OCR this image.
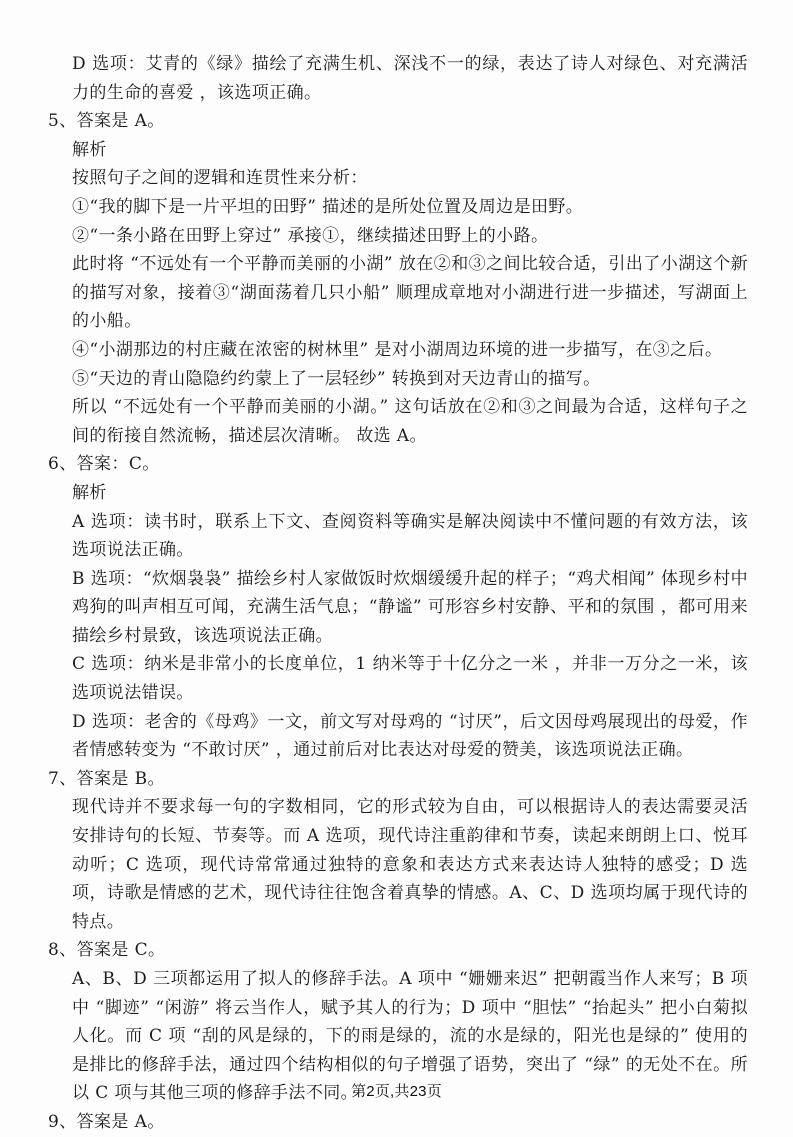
D 选项：艾青的《绿》描绘了充满生机、深浅不一的绿，表达了诗人对绿色、对充满活力的生命的喜爱 ，该选项正确。

5、答案是 A。

解析

按照句子之间的逻辑和连贯性来分析：

①“我的脚下是一片平坦的田野” 描述的是所处位置及周边是田野。

②“一条小路在田野上穿过” 承接①，继续描述田野上的小路。

此时将 “不远处有一个平静而美丽的小湖” 放在②和③之间比较合适，引出了小湖这个新的描写对象，接着③“湖面荡着几只小船” 顺理成章地对小湖进行进一步描述，写湖面上的小船。

④“小湖那边的村庄藏在浓密的树林里” 是对小湖周边环境的进一步描写，在③之后。

⑤“天边的青山隐隐约约蒙上了一层轻纱” 转换到对天边青山的描写。

所以 “不远处有一个平静而美丽的小湖。” 这句话放在②和③之间最为合适，这样句子之间的衔接自然流畅，描述层次清晰。 故选 A。

6、答案：C。

解析

A 选项：读书时，联系上下文、查阅资料等确实是解决阅读中不懂问题的有效方法，该选项说法正确。

B 选项：“炊烟袅袅” 描绘乡村人家做饭时炊烟缓缓升起的样子；“鸡犬相闻” 体现乡村中鸡狗的叫声相互可闻，充满生活气息；“静谧” 可形容乡村安静、平和的氛围 ，都可用来描绘乡村景致，该选项说法正确。

C 选项：纳米是非常小的长度单位，1 纳米等于十亿分之一米 ，并非一万分之一米，该选项说法错误。

D 选项：老舍的《母鸡》一文，前文写对母鸡的 “讨厌”，后文因母鸡展现出的母爱，作者情感转变为 “不敢讨厌” ，通过前后对比表达对母爱的赞美，该选项说法正确。

7、答案是 B。

现代诗并不要求每一句的字数相同，它的形式较为自由，可以根据诗人的表达需要灵活安排诗句的长短、节奏等。而 A 选项，现代诗注重韵律和节奏，读起来朗朗上口、悦耳动听；C 选项，现代诗常常通过独特的意象和表达方式来表达诗人独特的感受；D 选项，诗歌是情感的艺术，现代诗往往饱含着真挚的情感。A、C、D 选项均属于现代诗的特点。

8、答案是 C。

A、B、D 三项都运用了拟人的修辞手法。A 项中 “姗姗来迟” 把朝霞当作人来写；B 项中 “脚迹” “闲游” 将云当作人，赋予其人的行为；D 项中 “胆怯” “抬起头” 把小白菊拟人化。而 C 项 “刮的风是绿的，下的雨是绿的，流的水是绿的，阳光也是绿的” 使用的是排比的修辞手法，通过四个结构相似的句子增强了语势，突出了 “绿” 的无处不在。所以 C 项与其他三项的修辞手法不同。

9、答案是 A。

第2页,共23页
